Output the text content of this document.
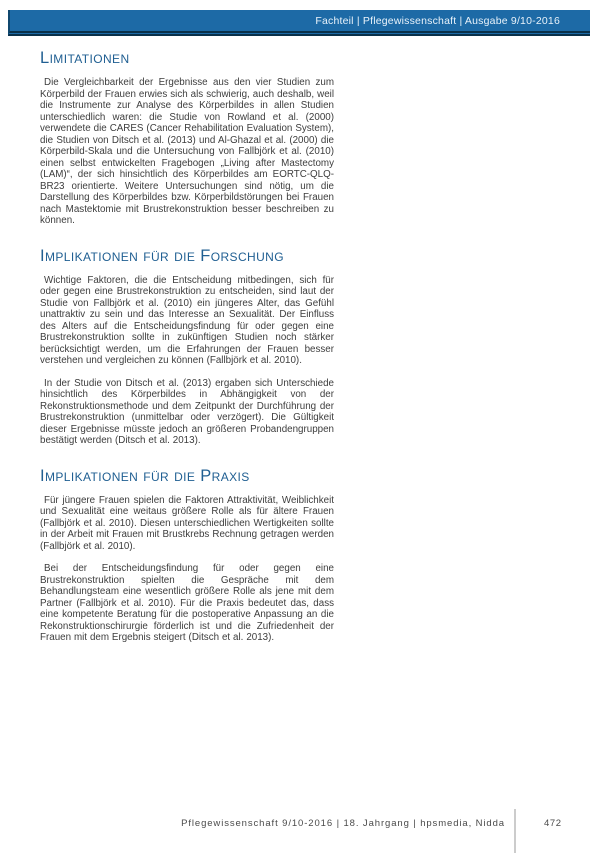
Fachteil | Pflegewissenschaft | Ausgabe 9/10-2016
Limitationen

Die Vergleichbarkeit der Ergebnisse aus den vier Studien zum Körperbild der Frauen erwies sich als schwierig, auch deshalb, weil die Instrumente zur Analyse des Körperbildes in allen Studien unterschiedlich waren: die Studie von Rowland et al. (2000) verwendete die CARES (Cancer Rehabilitation Evaluation System), die Studien von Ditsch et al. (2013) und Al-Ghazal et al. (2000) die Körperbild-Skala und die Untersuchung von Fallbjörk et al. (2010) einen selbst entwickelten Fragebogen „Living after Mastectomy (LAM)“, der sich hinsichtlich des Körperbildes am EORTC-QLQ-BR23 orientierte. Weitere Untersuchungen sind nötig, um die Darstellung des Körperbildes bzw. Körperbildstörungen bei Frauen nach Mastektomie mit Brustrekonstruktion besser beschreiben zu können.

Implikationen für die Forschung

Wichtige Faktoren, die die Entscheidung mitbedingen, sich für oder gegen eine Brustrekonstruktion zu entscheiden, sind laut der Studie von Fallbjörk et al. (2010) ein jüngeres Alter, das Gefühl unattraktiv zu sein und das Interesse an Sexualität. Der Einfluss des Alters auf die Entscheidungsfindung für oder gegen eine Brustrekonstruktion sollte in zukünftigen Studien noch stärker berücksichtigt werden, um die Erfahrungen der Frauen besser verstehen und vergleichen zu können (Fallbjörk et al. 2010).

In der Studie von Ditsch et al. (2013) ergaben sich Unterschiede hinsichtlich des Körperbildes in Abhängigkeit von der Rekonstruktionsmethode und dem Zeitpunkt der Durchführung der Brustrekonstruktion (unmittelbar oder verzögert). Die Gültigkeit dieser Ergebnisse müsste jedoch an größeren Probandengruppen bestätigt werden (Ditsch et al. 2013).

Implikationen für die Praxis

Für jüngere Frauen spielen die Faktoren Attraktivität, Weiblichkeit und Sexualität eine weitaus größere Rolle als für ältere Frauen (Fallbjörk et al. 2010). Diesen unterschiedlichen Wertigkeiten sollte in der Arbeit mit Frauen mit Brustkrebs Rechnung getragen werden (Fallbjörk et al. 2010).

Bei der Entscheidungsfindung für oder gegen eine Brustrekonstruktion spielten die Gespräche mit dem Behandlungsteam eine wesentlich größere Rolle als jene mit dem Partner (Fallbjörk et al. 2010). Für die Praxis bedeutet das, dass eine kompetente Beratung für die postoperative Anpassung an die Rekonstruktionschirurgie förderlich ist und die Zufriedenheit der Frauen mit dem Ergebnis steigert (Ditsch et al. 2013).

Pflegewissenschaft 9/10-2016 | 18. Jahrgang | hpsmedia, Nidda	472
